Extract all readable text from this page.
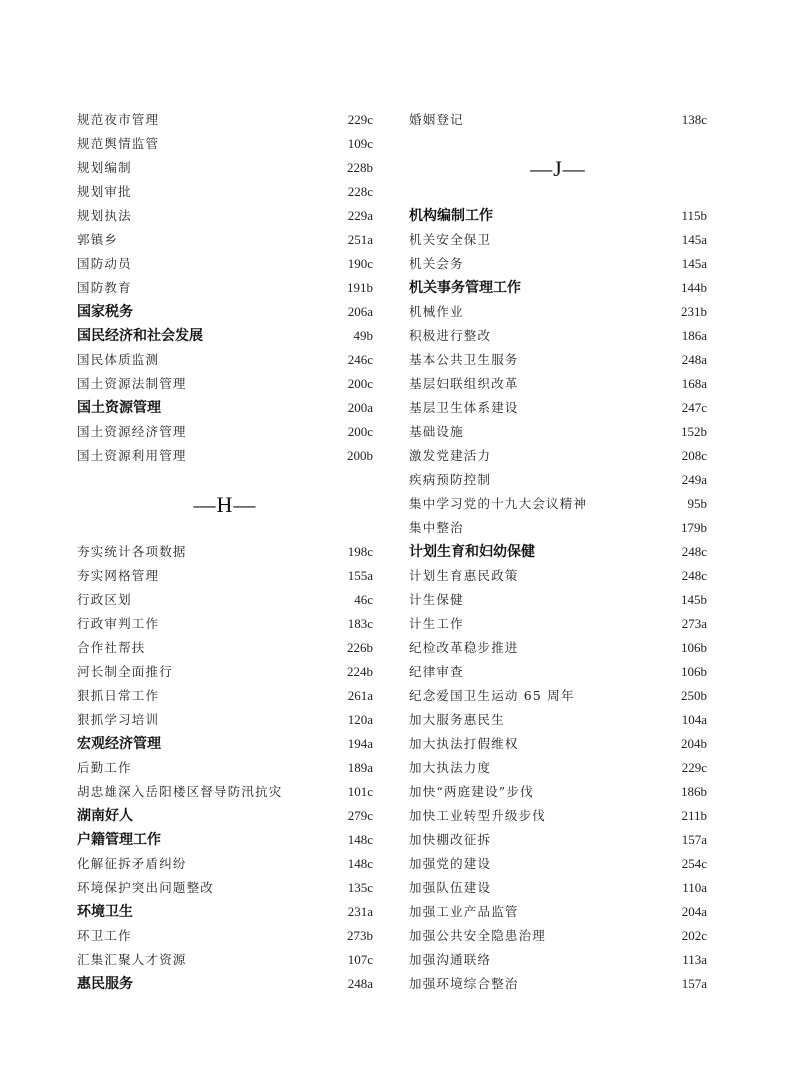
规范夜市管理	229c
规范舆情监管	109c
规划编制	228b
规划审批	228c
规划执法	229a
郭镇乡	251a
国防动员	190c
国防教育	191b
国家税务	206a
国民经济和社会发展	49b
国民体质监测	246c
国土资源法制管理	200c
国土资源管理	200a
国土资源经济管理	200c
国土资源利用管理	200b
—H—
夯实统计各项数据	198c
夯实网格管理	155a
行政区划	46c
行政审判工作	183c
合作社帮扶	226b
河长制全面推行	224b
狠抓日常工作	261a
狠抓学习培训	120a
宏观经济管理	194a
后勤工作	189a
胡忠雄深入岳阳楼区督导防汛抗灾	101c
湖南好人	279c
户籍管理工作	148c
化解征拆矛盾纠纷	148c
环境保护突出问题整改	135c
环境卫生	231a
环卫工作	273b
汇集汇聚人才资源	107c
惠民服务	248a
婚姻登记	138c
—J—
机构编制工作	115b
机关安全保卫	145a
机关会务	145a
机关事务管理工作	144b
机械作业	231b
积极进行整改	186a
基本公共卫生服务	248a
基层妇联组织改革	168a
基层卫生体系建设	247c
基础设施	152b
激发党建活力	208c
疾病预防控制	249a
集中学习党的十九大会议精神	95b
集中整治	179b
计划生育和妇幼保健	248c
计划生育惠民政策	248c
计生保健	145b
计生工作	273a
纪检改革稳步推进	106b
纪律审查	106b
纪念爱国卫生运动 65 周年	250b
加大服务惠民生	104a
加大执法打假维权	204b
加大执法力度	229c
加快“两庭建设”步伐	186b
加快工业转型升级步伐	211b
加快棚改征拆	157a
加强党的建设	254c
加强队伍建设	110a
加强工业产品监管	204a
加强公共安全隐患治理	202c
加强沟通联络	113a
加强环境综合整治	157a
